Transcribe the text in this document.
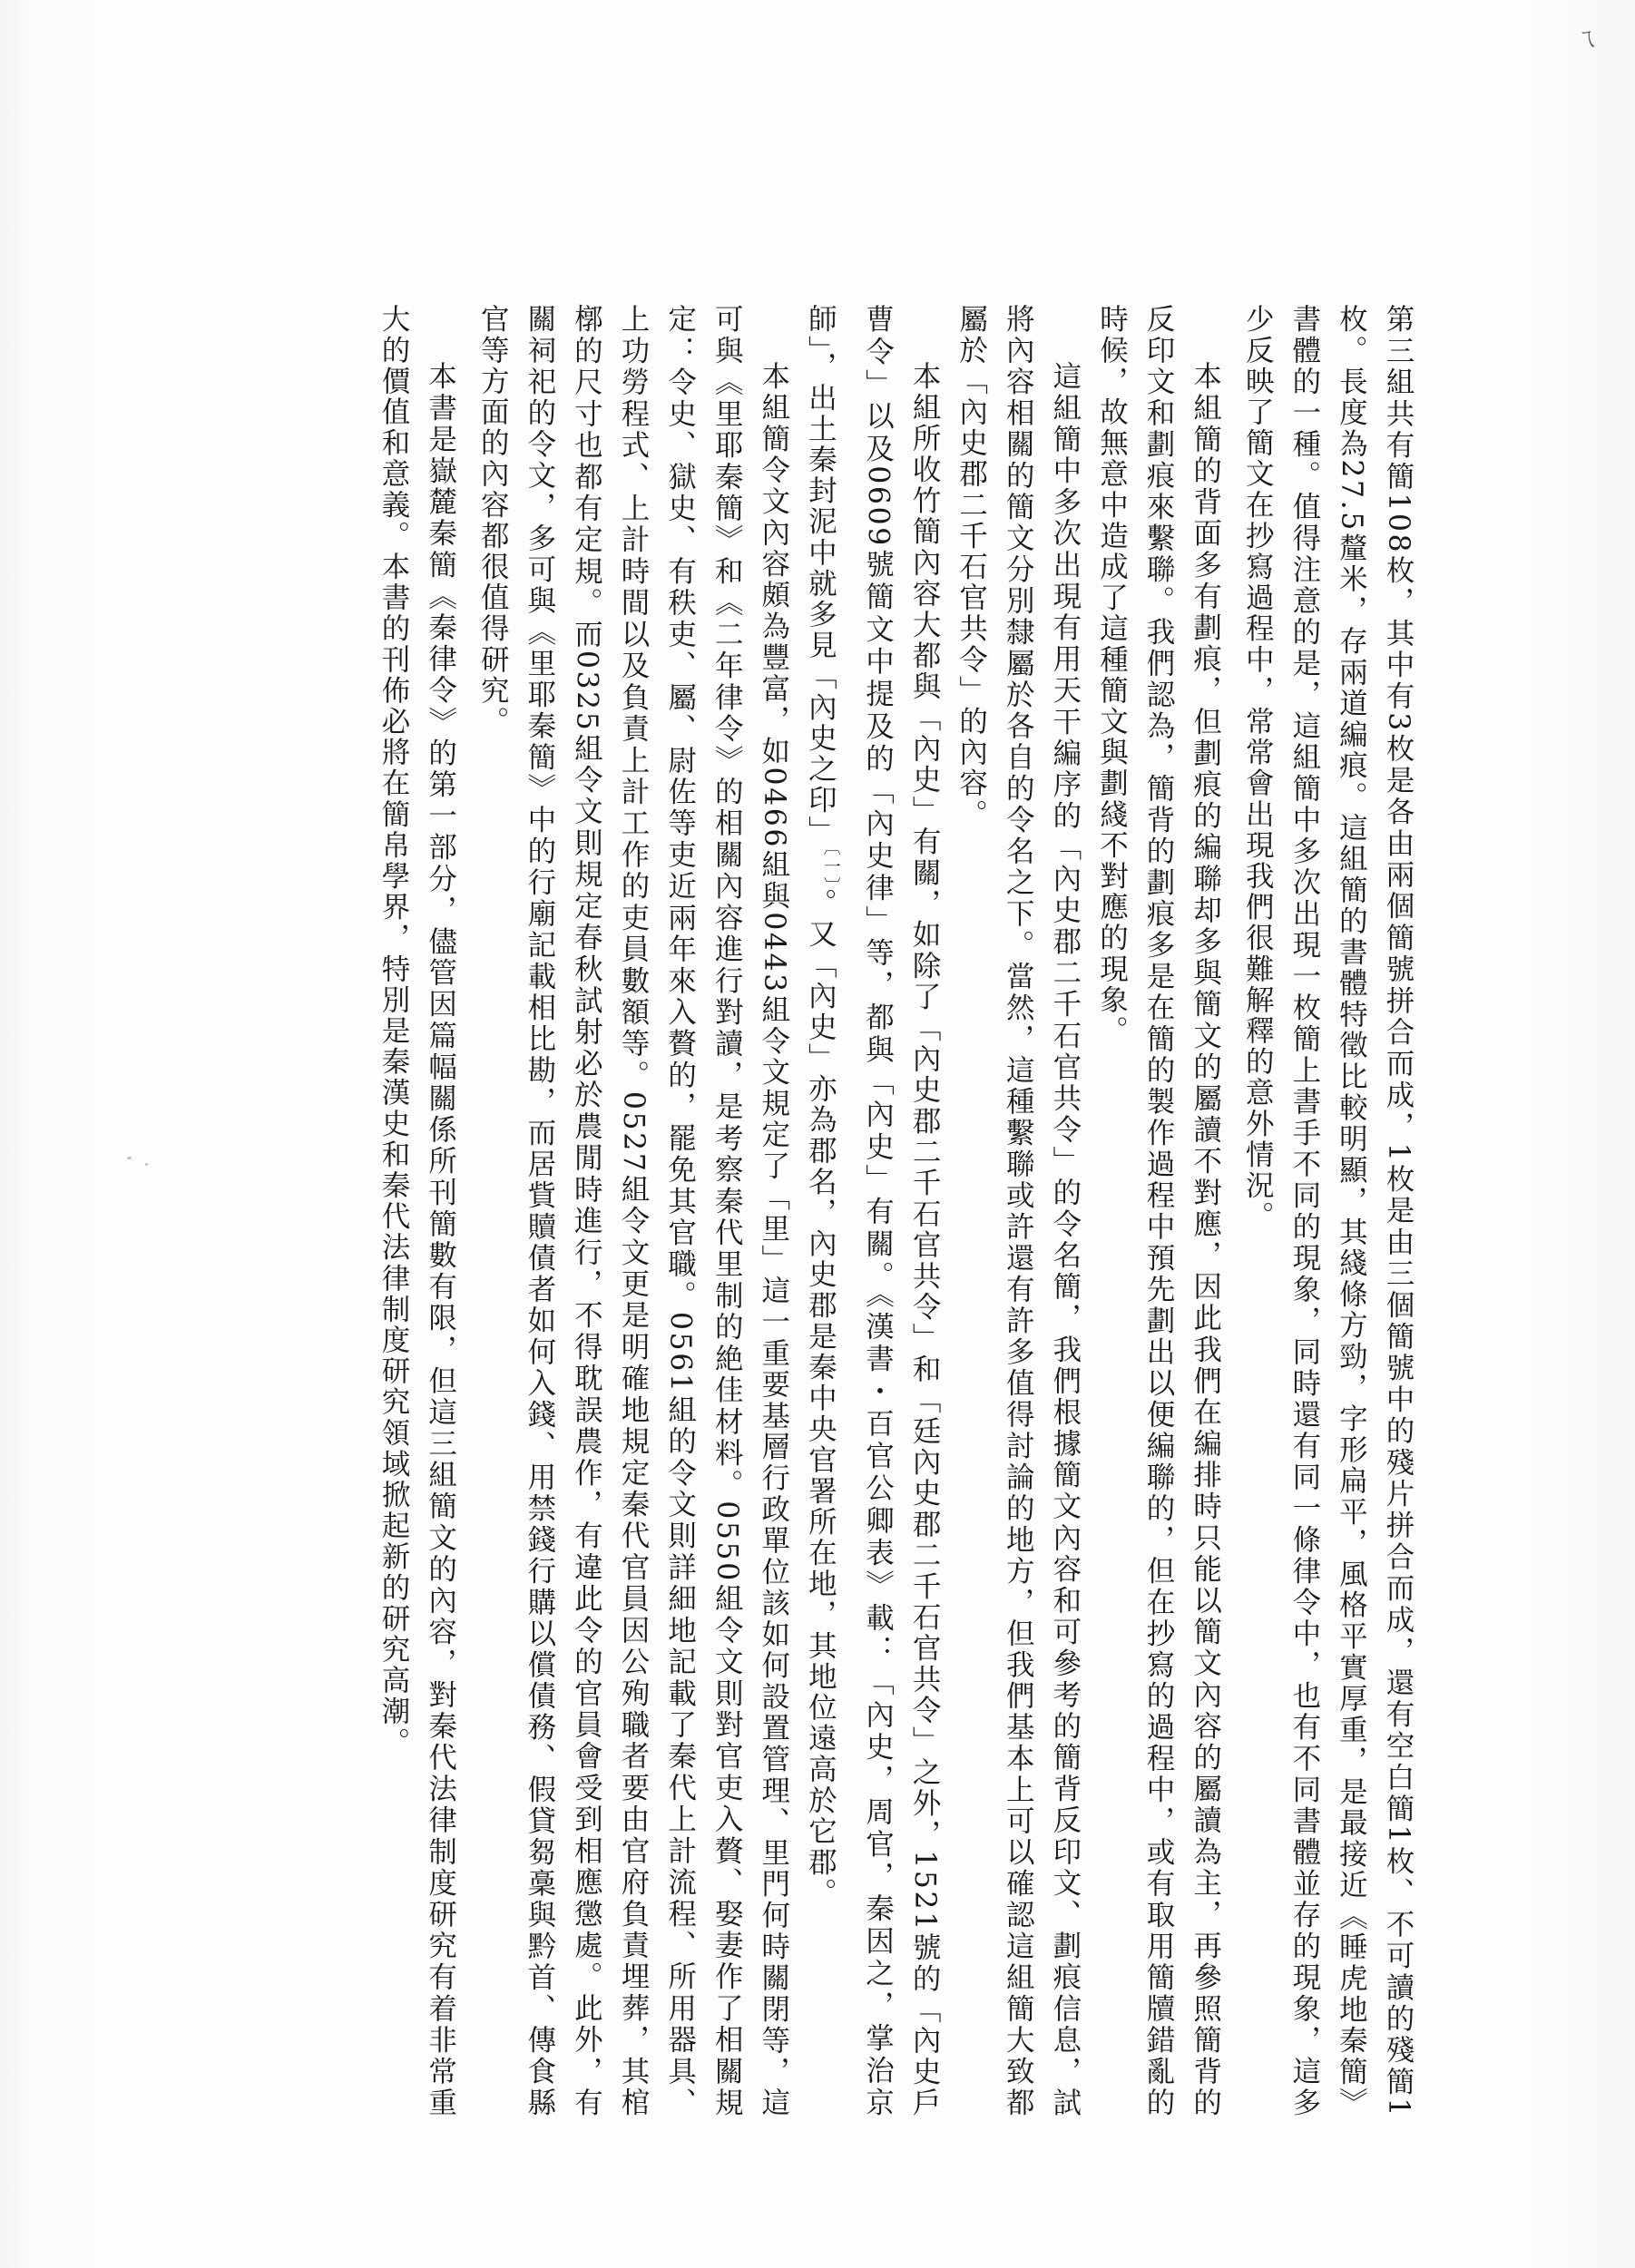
ㄟ

第三組共有簡108枚，其中有3枚是各由兩個簡號拼合而成，1枚是由三個簡號中的殘片拼合而成，還有空白簡1枚、不可讀的殘簡1枚。長度為27.5釐米，存兩道編痕。這組簡的書體特徵比較明顯，其綫條方勁，字形扁平，風格平實厚重，是最接近《睡虎地秦簡》書體的一種。值得注意的是，這組簡中多次出現一枚簡上書手不同的現象，同時還有同一條律令中，也有不同書體並存的現象，這多少反映了簡文在抄寫過程中，常常會出現我們很難解釋的意外情況。

本組簡的背面多有劃痕，但劃痕的編聯却多與簡文的屬讀不對應，因此我們在編排時只能以簡文內容的屬讀為主，再參照簡背的反印文和劃痕來繫聯。我們認為，簡背的劃痕多是在簡的製作過程中預先劃出以便編聯的，但在抄寫的過程中，或有取用簡牘錯亂的時候，故無意中造成了這種簡文與劃綫不對應的現象。

這組簡中多次出現有用天干編序的「內史郡二千石官共令」的令名簡，我們根據簡文內容和可參考的簡背反印文、劃痕信息，試將內容相關的簡文分別隸屬於各自的令名之下。當然，這種繫聯或許還有許多值得討論的地方，但我們基本上可以確認這組簡大致都屬於「內史郡二千石官共令」的內容。

本組所收竹簡內容大都與「內史」有關，如除了「內史郡二千石官共令」和「廷內史郡二千石官共令」之外，1521號的「內史戶曹令」以及0609號簡文中提及的「內史律」等，都與「內史」有關。《漢書・百官公卿表》載：「內史，周官，秦因之，掌治京師」，出土秦封泥中就多見「內史之印」$^{〔一〕}$。又「內史」亦為郡名，內史郡是秦中央官署所在地，其地位遠高於它郡。

本組簡令文內容頗為豐富，如0466組與0443組令文規定了「里」這一重要基層行政單位該如何設置管理、里門何時關閉等，這可與《里耶秦簡》和《二年律令》的相關內容進行對讀，是考察秦代里制的絶佳材料。0550組令文則對官吏入贅、娶妻作了相關規定：令史、獄史、有秩吏、屬、尉佐等吏近兩年來入贅的，罷免其官職。0561組的令文則詳細地記載了秦代上計流程、所用器具、上功勞程式、上計時間以及負責上計工作的吏員數額等。0527組令文更是明確地規定秦代官員因公殉職者要由官府負責埋葬，其棺槨的尺寸也都有定規。而0325組令文則規定春秋試射必於農閒時進行，不得耽誤農作，有違此令的官員會受到相應懲處。此外，有關祠祀的令文，多可與《里耶秦簡》中的行廟記載相比勘，而居貲贖債者如何入錢、用禁錢行購以償債務、假貸芻稾與黔首、傳食縣官等方面的內容都很值得研究。

本書是嶽麓秦簡《秦律令》的第一部分，儘管因篇幅關係所刊簡數有限，但這三組簡文的內容，對秦代法律制度研究有着非常重大的價值和意義。本書的刊佈必將在簡帛學界，特別是秦漢史和秦代法律制度研究領域掀起新的研究高潮。
